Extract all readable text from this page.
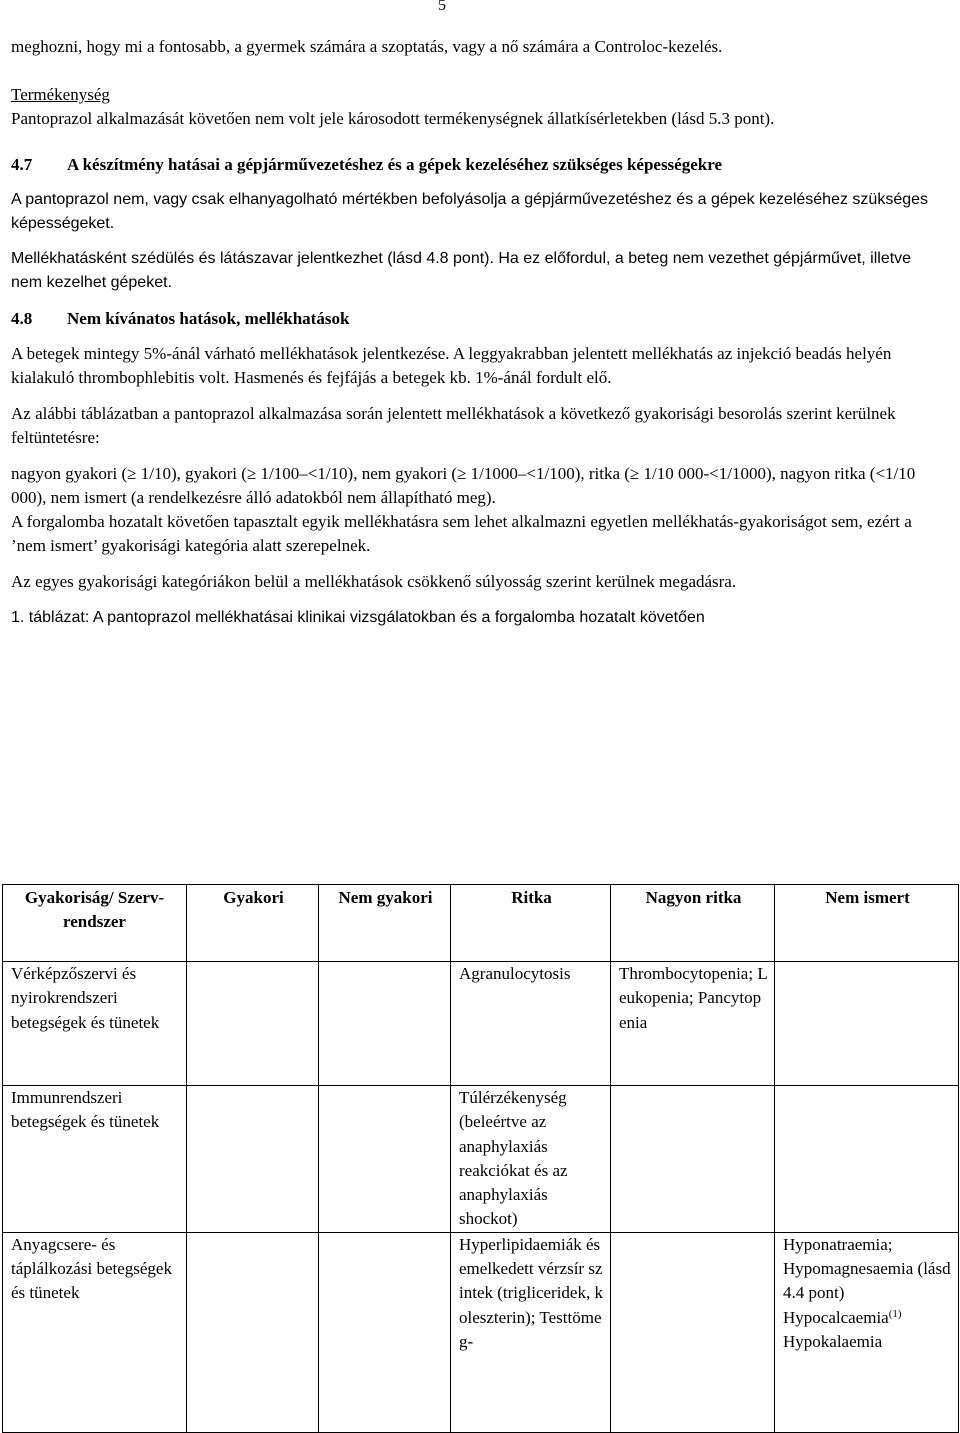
5

meghozni, hogy mi a fontosabb, a gyermek számára a szoptatás, vagy a nő számára a Controloc-kezelés.

Termékenység

Pantoprazol alkalmazását követően nem volt jele károsodott termékenységnek állatkísérletekben (lásd 5.3 pont).

4.7 A készítmény hatásai a gépjárművezetéshez és a gépek kezeléséhez szükséges képességekre

A pantoprazol nem, vagy csak elhanyagolható mértékben befolyásolja a gépjárművezetéshez és a gépek kezeléséhez szükséges képességeket.

Mellékhatásként szédülés és látászavar jelentkezhet (lásd 4.8 pont). Ha ez előfordul, a beteg nem vezethet gépjárművet, illetve nem kezelhet gépeket.

4.8 Nem kívánatos hatások, mellékhatások

A betegek mintegy 5%-ánál várható mellékhatások jelentkezése. A leggyakrabban jelentett mellékhatás az injekció beadás helyén kialakuló thrombophlebitis volt. Hasmenés és fejfájás a betegek kb. 1%-ánál fordult elő.

Az alábbi táblázatban a pantoprazol alkalmazása során jelentett mellékhatások a következő gyakorisági besorolás szerint kerülnek feltüntetésre:

nagyon gyakori (≥ 1/10), gyakori (≥ 1/100–<1/10), nem gyakori (≥ 1/1000–<1/100), ritka (≥ 1/10 000-<1/1000), nagyon ritka (<1/10 000), nem ismert (a rendelkezésre álló adatokból nem állapítható meg).

A forgalomba hozatalt követően tapasztalt egyik mellékhatásra sem lehet alkalmazni egyetlen mellékhatás-gyakoriságot sem, ezért a ’nem ismert’ gyakorisági kategória alatt szerepelnek.

Az egyes gyakorisági kategóriákon belül a mellékhatások csökkenő súlyosság szerint kerülnek megadásra.

1. táblázat: A pantoprazol mellékhatásai klinikai vizsgálatokban és a forgalomba hozatalt követően

Gyakoriság/ Szerv-rendszer	Gyakori	Nem gyakori	Ritka	Nagyon ritka	Nem ismert
Vérképzőszervi és nyirokrendszeri betegségek és tünetek			Agranulocytosis	Thrombocytopenia; Leukopenia; Pancytopenia	
Immunrendszeri betegségek és tünetek			Túlérzékenység (beleértve az anaphylaxiás reakciókat és az anaphylaxiás shockot)		
Anyagcsere- és táplálkozási betegségek és tünetek			Hyperlipidaemiák és emelkedett vérzsír szintek (trigliceridek, koleszterin); Testtömeg-		Hyponatraemia; Hypomagnesaemia (lásd 4.4 pont)
Hypocalcaemia$^{(1)}$
Hypokalaemia
